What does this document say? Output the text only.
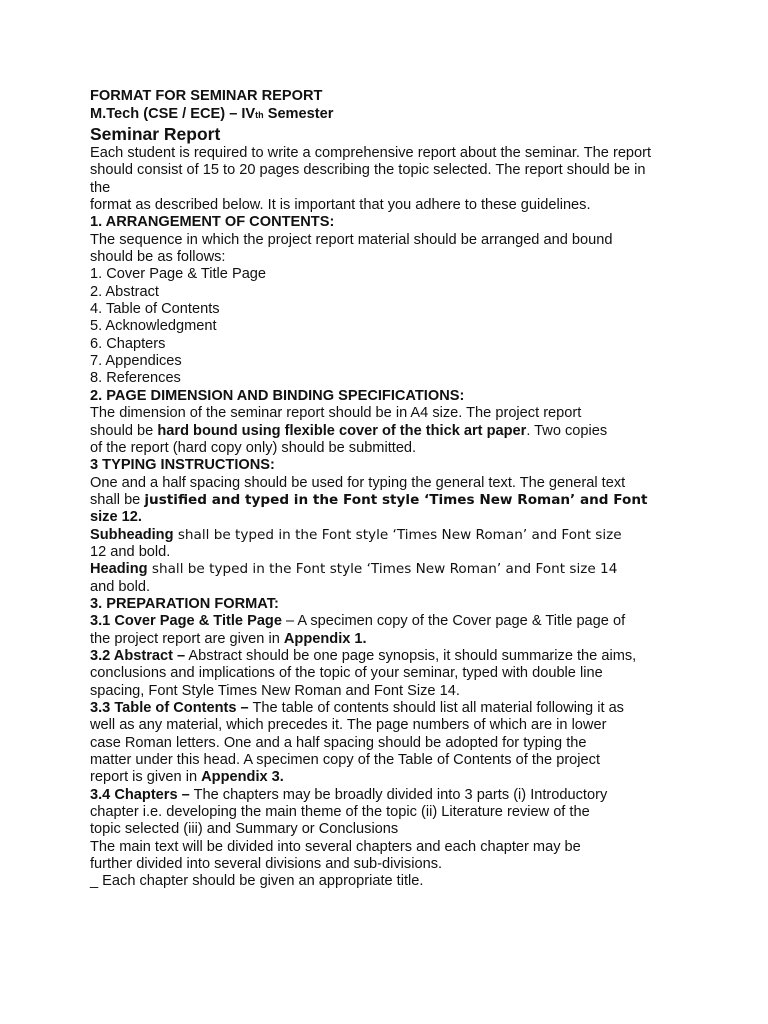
FORMAT FOR SEMINAR REPORT
M.Tech (CSE / ECE) – IVth Semester
Seminar Report
Each student is required to write a comprehensive report about the seminar. The report
should consist of 15 to 20 pages describing the topic selected. The report should be in
the
format as described below. It is important that you adhere to these guidelines.
1. ARRANGEMENT OF CONTENTS:
The sequence in which the project report material should be arranged and bound
should be as follows:
1. Cover Page & Title Page
2. Abstract
4. Table of Contents
5. Acknowledgment
6. Chapters
7. Appendices
8. References
2. PAGE DIMENSION AND BINDING SPECIFICATIONS:
The dimension of the seminar report should be in A4 size. The project report
should be hard bound using flexible cover of the thick art paper. Two copies
of the report (hard copy only) should be submitted.
3 TYPING INSTRUCTIONS:
One and a half spacing should be used for typing the general text. The general text
shall be justified and typed in the Font style ‘Times New Roman’ and Font
size 12.
Subheading shall be typed in the Font style ‘Times New Roman’ and Font size
12 and bold.
Heading shall be typed in the Font style ‘Times New Roman’ and Font size 14
and bold.
3. PREPARATION FORMAT:
3.1 Cover Page & Title Page – A specimen copy of the Cover page & Title page of
the project report are given in Appendix 1.
3.2 Abstract – Abstract should be one page synopsis, it should summarize the aims,
conclusions and implications of the topic of your seminar, typed with double line
spacing, Font Style Times New Roman and Font Size 14.
3.3 Table of Contents – The table of contents should list all material following it as
well as any material, which precedes it. The page numbers of which are in lower
case Roman letters. One and a half spacing should be adopted for typing the
matter under this head. A specimen copy of the Table of Contents of the project
report is given in Appendix 3.
3.4 Chapters – The chapters may be broadly divided into 3 parts (i) Introductory
chapter i.e. developing the main theme of the topic (ii) Literature review of the
topic selected (iii) and Summary or Conclusions
The main text will be divided into several chapters and each chapter may be
further divided into several divisions and sub-divisions.
_ Each chapter should be given an appropriate title.
